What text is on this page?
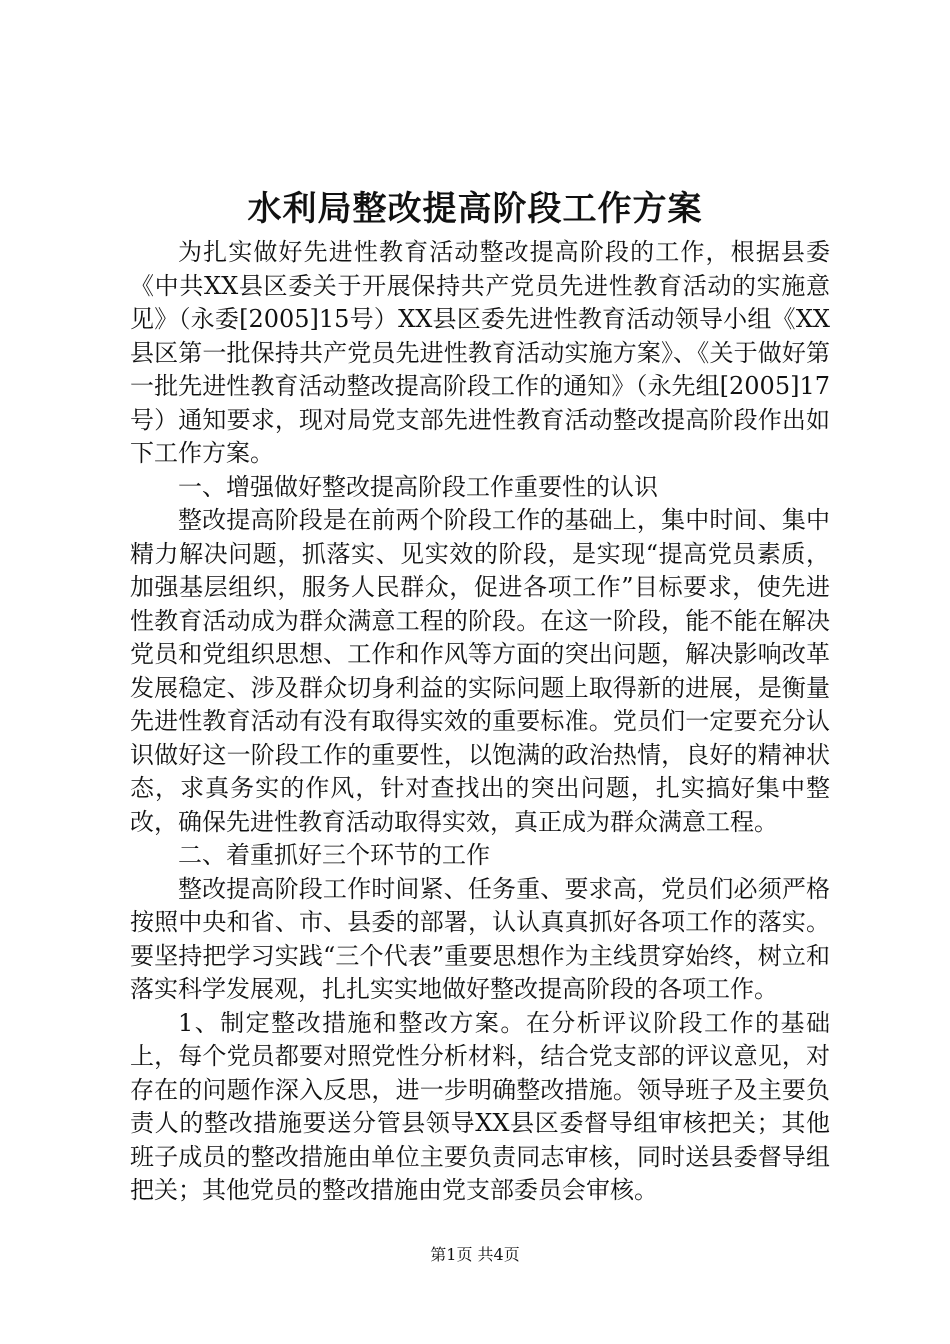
水利局整改提高阶段工作方案

为扎实做好先进性教育活动整改提高阶段的工作，根据县委《中共XX县区委关于开展保持共产党员先进性教育活动的实施意见》（永委[2005]15号）XX县区委先进性教育活动领导小组《XX县区第一批保持共产党员先进性教育活动实施方案》、《关于做好第一批先进性教育活动整改提高阶段工作的通知》（永先组[2005]17号）通知要求，现对局党支部先进性教育活动整改提高阶段作出如下工作方案。

一、增强做好整改提高阶段工作重要性的认识

整改提高阶段是在前两个阶段工作的基础上，集中时间、集中精力解决问题，抓落实、见实效的阶段，是实现“提高党员素质，加强基层组织，服务人民群众，促进各项工作”目标要求，使先进性教育活动成为群众满意工程的阶段。在这一阶段，能不能在解决党员和党组织思想、工作和作风等方面的突出问题，解决影响改革发展稳定、涉及群众切身利益的实际问题上取得新的进展，是衡量先进性教育活动有没有取得实效的重要标准。党员们一定要充分认识做好这一阶段工作的重要性，以饱满的政治热情，良好的精神状态，求真务实的作风，针对查找出的突出问题，扎实搞好集中整改，确保先进性教育活动取得实效，真正成为群众满意工程。

二、着重抓好三个环节的工作

整改提高阶段工作时间紧、任务重、要求高，党员们必须严格按照中央和省、市、县委的部署，认认真真抓好各项工作的落实。要坚持把学习实践“三个代表”重要思想作为主线贯穿始终，树立和落实科学发展观，扎扎实实地做好整改提高阶段的各项工作。

1、制定整改措施和整改方案。在分析评议阶段工作的基础上，每个党员都要对照党性分析材料，结合党支部的评议意见，对存在的问题作深入反思，进一步明确整改措施。领导班子及主要负责人的整改措施要送分管县领导XX县区委督导组审核把关；其他班子成员的整改措施由单位主要负责同志审核，同时送县委督导组把关；其他党员的整改措施由党支部委员会审核。

第1页 共4页
